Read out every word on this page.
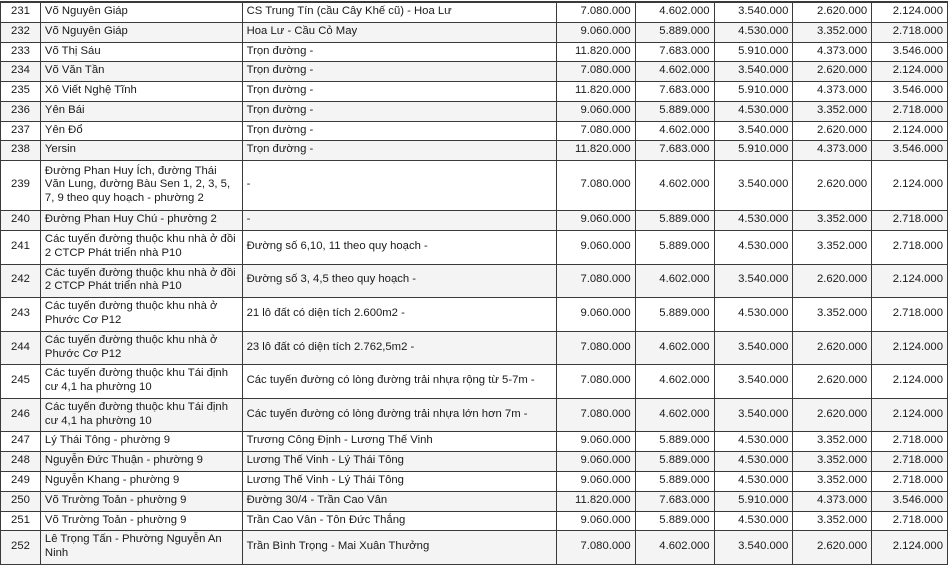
231	Võ Nguyên Giáp	CS Trung Tín (cầu Cây Khế cũ) - Hoa Lư	7.080.000	4.602.000	3.540.000	2.620.000	2.124.000
232	Võ Nguyên Giáp	Hoa Lư - Cầu Cỏ May	9.060.000	5.889.000	4.530.000	3.352.000	2.718.000
233	Võ Thị Sáu	Trọn đường -	11.820.000	7.683.000	5.910.000	4.373.000	3.546.000
234	Võ Văn Tần	Trọn đường -	7.080.000	4.602.000	3.540.000	2.620.000	2.124.000
235	Xô Viết Nghệ Tĩnh	Trọn đường -	11.820.000	7.683.000	5.910.000	4.373.000	3.546.000
236	Yên Bái	Trọn đường -	9.060.000	5.889.000	4.530.000	3.352.000	2.718.000
237	Yên Đổ	Trọn đường -	7.080.000	4.602.000	3.540.000	2.620.000	2.124.000
238	Yersin	Trọn đường -	11.820.000	7.683.000	5.910.000	4.373.000	3.546.000
239	Đường Phan Huy Ích, đường Thái Văn Lung, đường Bàu Sen 1, 2, 3, 5, 7, 9 theo quy hoạch - phường 2	-	7.080.000	4.602.000	3.540.000	2.620.000	2.124.000
240	Đường Phan Huy Chú - phường 2	-	9.060.000	5.889.000	4.530.000	3.352.000	2.718.000
241	Các tuyến đường thuộc khu nhà ở đồi 2 CTCP Phát triển nhà P10	Đường số 6,10, 11 theo quy hoạch -	9.060.000	5.889.000	4.530.000	3.352.000	2.718.000
242	Các tuyến đường thuộc khu nhà ở đồi 2 CTCP Phát triển nhà P10	Đường số 3, 4,5 theo quy hoạch -	7.080.000	4.602.000	3.540.000	2.620.000	2.124.000
243	Các tuyến đường thuộc khu nhà ở Phước Cơ P12	21 lô đất có diện tích 2.600m2 -	9.060.000	5.889.000	4.530.000	3.352.000	2.718.000
244	Các tuyến đường thuộc khu nhà ở Phước Cơ P12	23 lô đất có diện tích 2.762,5m2 -	7.080.000	4.602.000	3.540.000	2.620.000	2.124.000
245	Các tuyến đường thuộc khu Tái định cư 4,1 ha phường 10	Các tuyến đường có lòng đường trải nhựa rộng từ 5-7m -	7.080.000	4.602.000	3.540.000	2.620.000	2.124.000
246	Các tuyến đường thuộc khu Tái định cư 4,1 ha phường 10	Các tuyến đường có lòng đường trải nhựa lớn hơn 7m -	7.080.000	4.602.000	3.540.000	2.620.000	2.124.000
247	Lý Thái Tông - phường 9	Trương Công Định - Lương Thế Vinh	9.060.000	5.889.000	4.530.000	3.352.000	2.718.000
248	Nguyễn Đức Thuận - phường 9	Lương Thế Vinh - Lý Thái Tông	9.060.000	5.889.000	4.530.000	3.352.000	2.718.000
249	Nguyễn Khang - phường 9	Lương Thế Vinh - Lý Thái Tông	9.060.000	5.889.000	4.530.000	3.352.000	2.718.000
250	Võ Trường Toản - phường 9	Đường 30/4 - Trần Cao Vân	11.820.000	7.683.000	5.910.000	4.373.000	3.546.000
251	Võ Trường Toản - phường 9	Trần Cao Vân - Tôn Đức Thắng	9.060.000	5.889.000	4.530.000	3.352.000	2.718.000
252	Lê Trọng Tấn - Phường Nguyễn An Ninh	Trần Bình Trọng - Mai Xuân Thưởng	7.080.000	4.602.000	3.540.000	2.620.000	2.124.000
